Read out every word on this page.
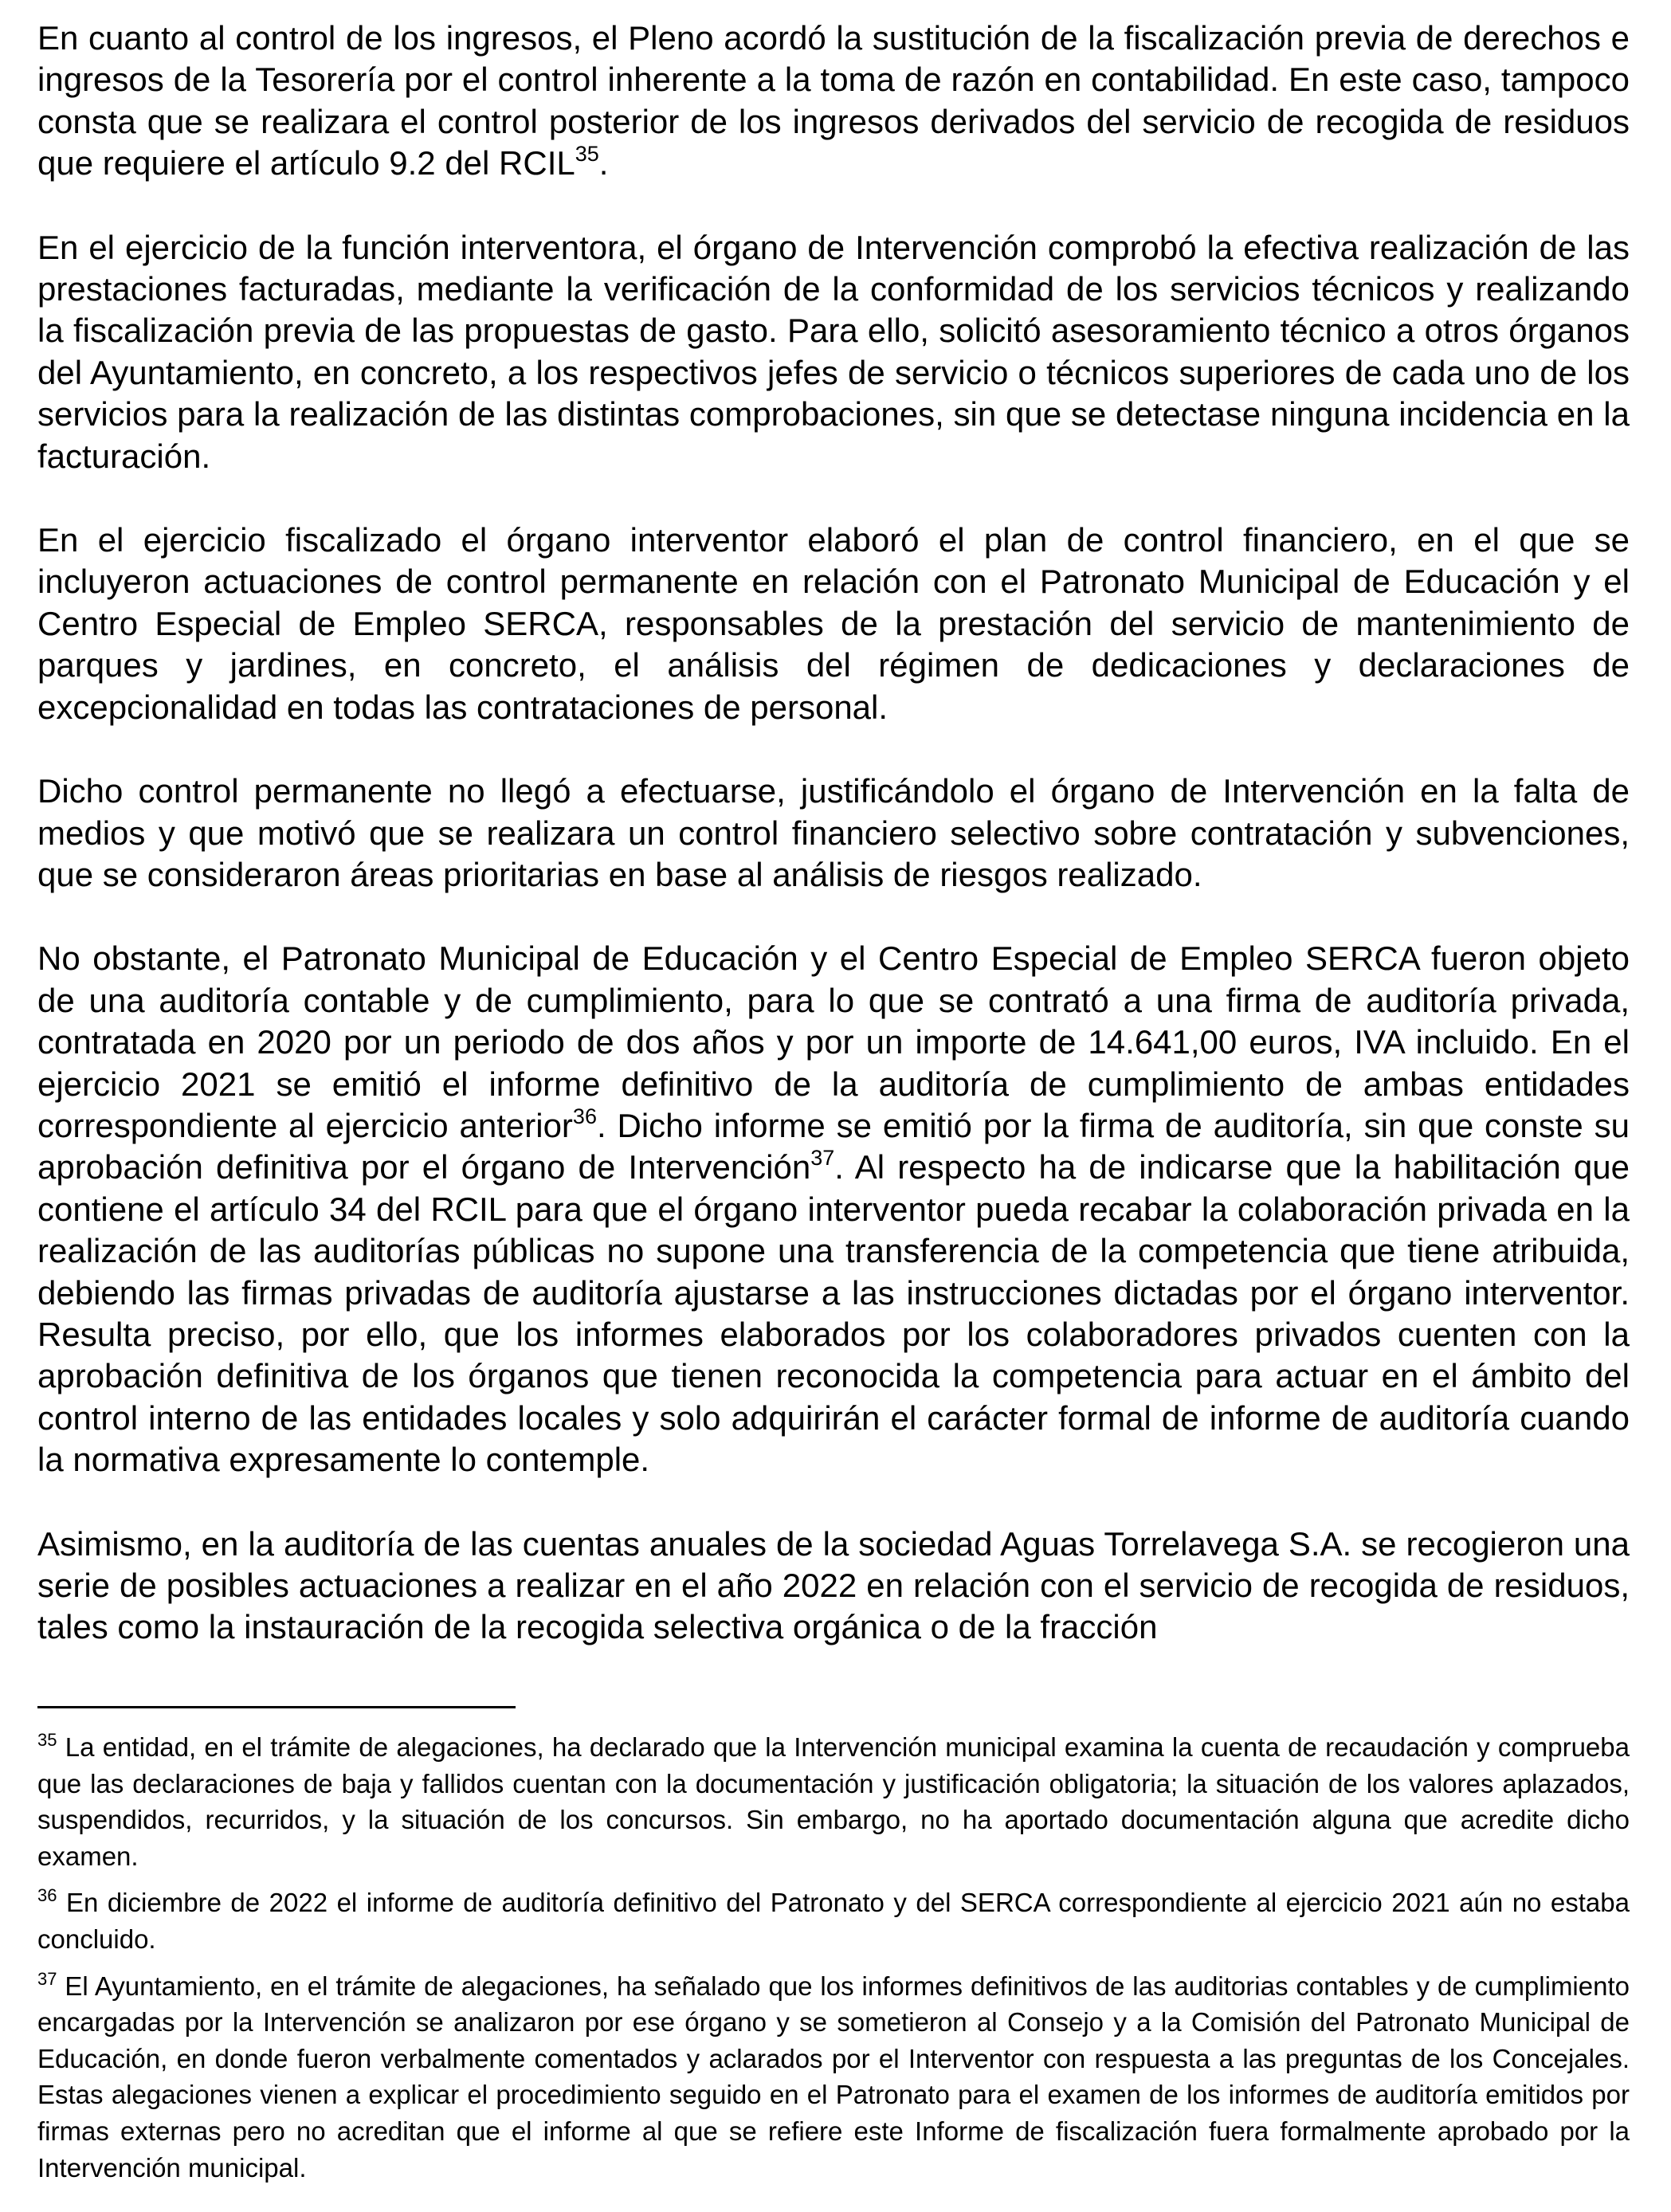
En cuanto al control de los ingresos, el Pleno acordó la sustitución de la fiscalización previa de derechos e ingresos de la Tesorería por el control inherente a la toma de razón en contabilidad. En este caso, tampoco consta que se realizara el control posterior de los ingresos derivados del servicio de recogida de residuos que requiere el artículo 9.2 del RCIL$^{35}$.

En el ejercicio de la función interventora, el órgano de Intervención comprobó la efectiva realización de las prestaciones facturadas, mediante la verificación de la conformidad de los servicios técnicos y realizando la fiscalización previa de las propuestas de gasto. Para ello, solicitó asesoramiento técnico a otros órganos del Ayuntamiento, en concreto, a los respectivos jefes de servicio o técnicos superiores de cada uno de los servicios para la realización de las distintas comprobaciones, sin que se detectase ninguna incidencia en la facturación.

En el ejercicio fiscalizado el órgano interventor elaboró el plan de control financiero, en el que se incluyeron actuaciones de control permanente en relación con el Patronato Municipal de Educación y el Centro Especial de Empleo SERCA, responsables de la prestación del servicio de mantenimiento de parques y jardines, en concreto, el análisis del régimen de dedicaciones y declaraciones de excepcionalidad en todas las contrataciones de personal.

Dicho control permanente no llegó a efectuarse, justificándolo el órgano de Intervención en la falta de medios y que motivó que se realizara un control financiero selectivo sobre contratación y subvenciones, que se consideraron áreas prioritarias en base al análisis de riesgos realizado.

No obstante, el Patronato Municipal de Educación y el Centro Especial de Empleo SERCA fueron objeto de una auditoría contable y de cumplimiento, para lo que se contrató a una firma de auditoría privada, contratada en 2020 por un periodo de dos años y por un importe de 14.641,00 euros, IVA incluido. En el ejercicio 2021 se emitió el informe definitivo de la auditoría de cumplimiento de ambas entidades correspondiente al ejercicio anterior$^{36}$. Dicho informe se emitió por la firma de auditoría, sin que conste su aprobación definitiva por el órgano de Intervención$^{37}$. Al respecto ha de indicarse que la habilitación que contiene el artículo 34 del RCIL para que el órgano interventor pueda recabar la colaboración privada en la realización de las auditorías públicas no supone una transferencia de la competencia que tiene atribuida, debiendo las firmas privadas de auditoría ajustarse a las instrucciones dictadas por el órgano interventor. Resulta preciso, por ello, que los informes elaborados por los colaboradores privados cuenten con la aprobación definitiva de los órganos que tienen reconocida la competencia para actuar en el ámbito del control interno de las entidades locales y solo adquirirán el carácter formal de informe de auditoría cuando la normativa expresamente lo contemple.

Asimismo, en la auditoría de las cuentas anuales de la sociedad Aguas Torrelavega S.A. se recogieron una serie de posibles actuaciones a realizar en el año 2022 en relación con el servicio de recogida de residuos, tales como la instauración de la recogida selectiva orgánica o de la fracción

$^{35}$ La entidad, en el trámite de alegaciones, ha declarado que la Intervención municipal examina la cuenta de recaudación y comprueba que las declaraciones de baja y fallidos cuentan con la documentación y justificación obligatoria; la situación de los valores aplazados, suspendidos, recurridos, y la situación de los concursos. Sin embargo, no ha aportado documentación alguna que acredite dicho examen.

$^{36}$ En diciembre de 2022 el informe de auditoría definitivo del Patronato y del SERCA correspondiente al ejercicio 2021 aún no estaba concluido.

$^{37}$ El Ayuntamiento, en el trámite de alegaciones, ha señalado que los informes definitivos de las auditorias contables y de cumplimiento encargadas por la Intervención se analizaron por ese órgano y se sometieron al Consejo y a la Comisión del Patronato Municipal de Educación, en donde fueron verbalmente comentados y aclarados por el Interventor con respuesta a las preguntas de los Concejales. Estas alegaciones vienen a explicar el procedimiento seguido en el Patronato para el examen de los informes de auditoría emitidos por firmas externas pero no acreditan que el informe al que se refiere este Informe de fiscalización fuera formalmente aprobado por la Intervención municipal.
